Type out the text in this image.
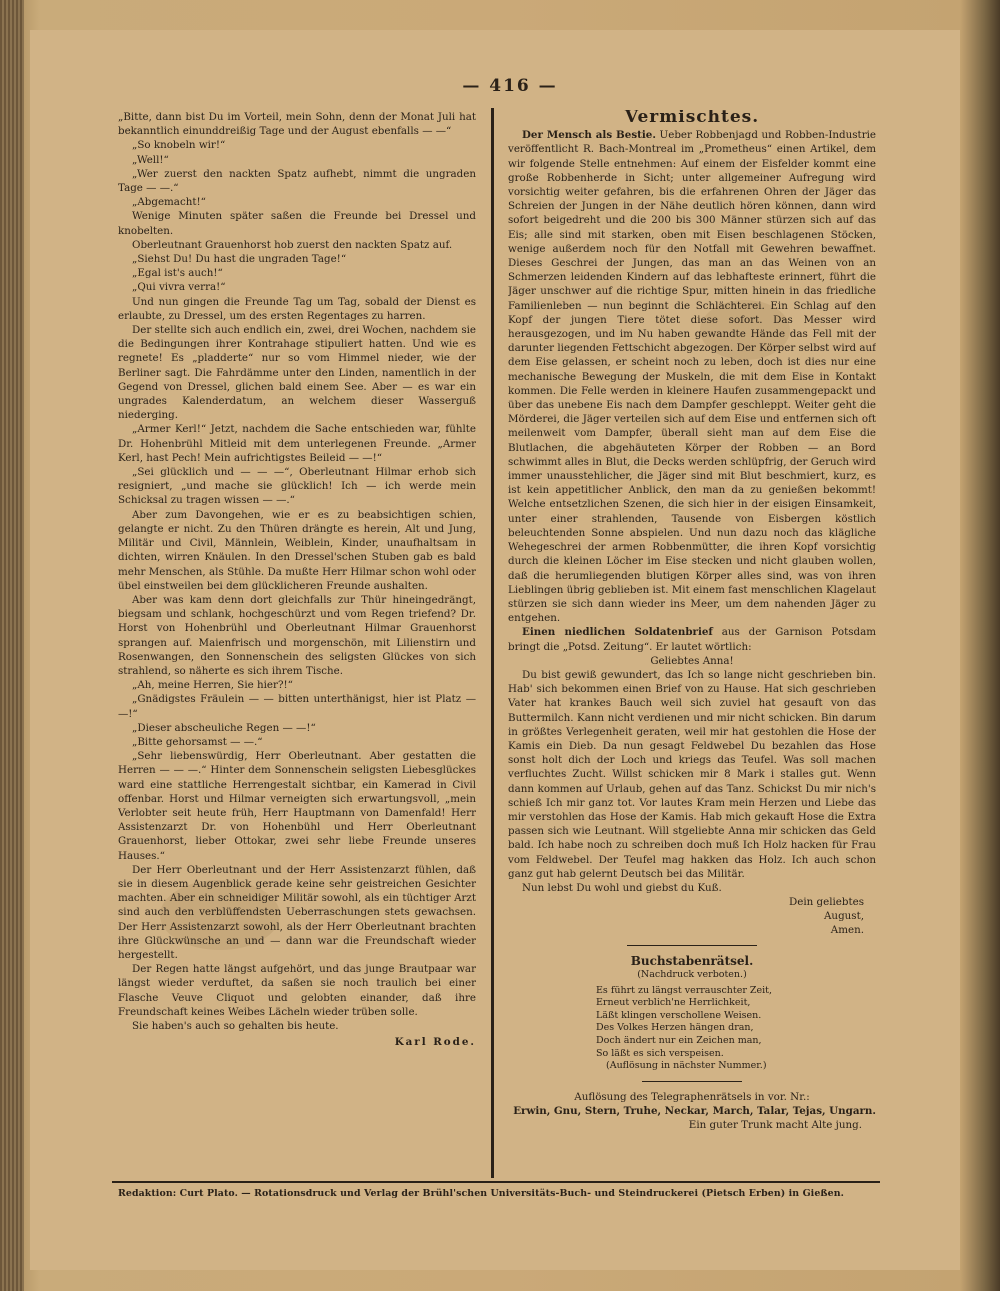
— 416 —

„Bitte, dann bist Du im Vorteil, mein Sohn, denn der Monat Juli hat bekanntlich einunddreißig Tage und der August ebenfalls — —“

„So knobeln wir!“

„Well!“

„Wer zuerst den nackten Spatz aufhebt, nimmt die ungraden Tage — —.“

„Abgemacht!“

Wenige Minuten später saßen die Freunde bei Dressel und knobelten.

Oberleutnant Grauenhorst hob zuerst den nackten Spatz auf.

„Siehst Du! Du hast die ungraden Tage!“

„Egal ist's auch!“

„Qui vivra verra!“

Und nun gingen die Freunde Tag um Tag, sobald der Dienst es erlaubte, zu Dressel, um des ersten Regentages zu harren.

Der stellte sich auch endlich ein, zwei, drei Wochen, nachdem sie die Bedingungen ihrer Kontrahage stipuliert hatten. Und wie es regnete! Es „pladderte“ nur so vom Himmel nieder, wie der Berliner sagt. Die Fahrdämme unter den Linden, namentlich in der Gegend von Dressel, glichen bald einem See. Aber — es war ein ungrades Kalenderdatum, an welchem dieser Wasserguß niederging.

„Armer Kerl!“ Jetzt, nachdem die Sache entschieden war, fühlte Dr. Hohenbrühl Mitleid mit dem unterlegenen Freunde. „Armer Kerl, hast Pech! Mein aufrichtigstes Beileid — —!“

„Sei glücklich und — — —“, Oberleutnant Hilmar erhob sich resigniert, „und mache sie glücklich! Ich — ich werde mein Schicksal zu tragen wissen — —.“

Aber zum Davongehen, wie er es zu beabsichtigen schien, gelangte er nicht. Zu den Thüren drängte es herein, Alt und Jung, Militär und Civil, Männlein, Weiblein, Kinder, unaufhaltsam in dichten, wirren Knäulen. In den Dressel'schen Stuben gab es bald mehr Menschen, als Stühle. Da mußte Herr Hilmar schon wohl oder übel einstweilen bei dem glücklicheren Freunde aushalten.

Aber was kam denn dort gleichfalls zur Thür hineingedrängt, biegsam und schlank, hochgeschürzt und vom Regen triefend? Dr. Horst von Hohenbrühl und Oberleutnant Hilmar Grauenhorst sprangen auf. Maienfrisch und morgenschön, mit Lilienstirn und Rosenwangen, den Sonnenschein des seligsten Glückes von sich strahlend, so näherte es sich ihrem Tische.

„Ah, meine Herren, Sie hier?!“

„Gnädigstes Fräulein — — bitten unterthänigst, hier ist Platz — —!“

„Dieser abscheuliche Regen — —!“

„Bitte gehorsamst — —.“

„Sehr liebenswürdig, Herr Oberleutnant. Aber gestatten die Herren — — —.“ Hinter dem Sonnenschein seligsten Liebesglückes ward eine stattliche Herrengestalt sichtbar, ein Kamerad in Civil offenbar. Horst und Hilmar verneigten sich erwartungsvoll, „mein Verlobter seit heute früh, Herr Hauptmann von Damenfald! Herr Assistenzarzt Dr. von Hohenbühl und Herr Oberleutnant Grauenhorst, lieber Ottokar, zwei sehr liebe Freunde unseres Hauses.“

Der Herr Oberleutnant und der Herr Assistenzarzt fühlen, daß sie in diesem Augenblick gerade keine sehr geistreichen Gesichter machten. Aber ein schneidiger Militär sowohl, als ein tüchtiger Arzt sind auch den verblüffendsten Ueberraschungen stets gewachsen. Der Herr Assistenzarzt sowohl, als der Herr Oberleutnant brachten ihre Glückwünsche an und — dann war die Freundschaft wieder hergestellt.

Der Regen hatte längst aufgehört, und das junge Brautpaar war längst wieder verduftet, da saßen sie noch traulich bei einer Flasche Veuve Cliquot und gelobten einander, daß ihre Freundschaft keines Weibes Lächeln wieder trüben solle.

Sie haben's auch so gehalten bis heute.

Karl Rode.
Vermischtes.

Der Mensch als Bestie. Ueber Robbenjagd und Robben-Industrie veröffentlicht R. Bach-Montreal im „Prometheus“ einen Artikel, dem wir folgende Stelle entnehmen: Auf einem der Eisfelder kommt eine große Robbenherde in Sicht; unter allgemeiner Aufregung wird vorsichtig weiter gefahren, bis die erfahrenen Ohren der Jäger das Schreien der Jungen in der Nähe deutlich hören können, dann wird sofort beigedreht und die 200 bis 300 Männer stürzen sich auf das Eis; alle sind mit starken, oben mit Eisen beschlagenen Stöcken, wenige außerdem noch für den Notfall mit Gewehren bewaffnet. Dieses Geschrei der Jungen, das man an das Weinen von an Schmerzen leidenden Kindern auf das lebhafteste erinnert, führt die Jäger unschwer auf die richtige Spur, mitten hinein in das friedliche Familienleben — nun beginnt die Schlächterei. Ein Schlag auf den Kopf der jungen Tiere tötet diese sofort. Das Messer wird herausgezogen, und im Nu haben gewandte Hände das Fell mit der darunter liegenden Fettschicht abgezogen. Der Körper selbst wird auf dem Eise gelassen, er scheint noch zu leben, doch ist dies nur eine mechanische Bewegung der Muskeln, die mit dem Eise in Kontakt kommen. Die Felle werden in kleinere Haufen zusammengepackt und über das unebene Eis nach dem Dampfer geschleppt. Weiter geht die Mörderei, die Jäger verteilen sich auf dem Eise und entfernen sich oft meilenweit vom Dampfer, überall sieht man auf dem Eise die Blutlachen, die abgehäuteten Körper der Robben — an Bord schwimmt alles in Blut, die Decks werden schlüpfrig, der Geruch wird immer unausstehlicher, die Jäger sind mit Blut beschmiert, kurz, es ist kein appetitlicher Anblick, den man da zu genießen bekommt! Welche entsetzlichen Szenen, die sich hier in der eisigen Einsamkeit, unter einer strahlenden, Tausende von Eisbergen köstlich beleuchtenden Sonne abspielen. Und nun dazu noch das klägliche Wehegeschrei der armen Robbenmütter, die ihren Kopf vorsichtig durch die kleinen Löcher im Eise stecken und nicht glauben wollen, daß die herumliegenden blutigen Körper alles sind, was von ihren Lieblingen übrig geblieben ist. Mit einem fast menschlichen Klagelaut stürzen sie sich dann wieder ins Meer, um dem nahenden Jäger zu entgehen.

Einen niedlichen Soldatenbrief aus der Garnison Potsdam bringt die „Potsd. Zeitung“. Er lautet wörtlich:

Geliebtes Anna!

Du bist gewiß gewundert, das Ich so lange nicht geschrieben bin. Hab' sich bekommen einen Brief von zu Hause. Hat sich geschrieben Vater hat krankes Bauch weil sich zuviel hat gesauft von das Buttermilch. Kann nicht verdienen und mir nicht schicken. Bin darum in größtes Verlegenheit geraten, weil mir hat gestohlen die Hose der Kamis ein Dieb. Da nun gesagt Feldwebel Du bezahlen das Hose sonst holt dich der Loch und kriegs das Teufel. Was soll machen verfluchtes Zucht. Willst schicken mir 8 Mark i stalles gut. Wenn dann kommen auf Urlaub, gehen auf das Tanz. Schickst Du mir nich's schieß Ich mir ganz tot. Vor lautes Kram mein Herzen und Liebe das mir verstohlen das Hose der Kamis. Hab mich gekauft Hose die Extra passen sich wie Leutnant. Will stgeliebte Anna mir schicken das Geld bald. Ich habe noch zu schreiben doch muß Ich Holz hacken für Frau vom Feldwebel. Der Teufel mag hakken das Holz. Ich auch schon ganz gut hab gelernt Deutsch bei das Militär.

Nun lebst Du wohl und giebst du Kuß.

Dein geliebtes
August,
Amen.
Buchstabenrätsel.
(Nachdruck verboten.)
Es führt zu längst verrauschter Zeit,
Erneut verblich'ne Herrlichkeit,
Läßt klingen verschollene Weisen.
Des Volkes Herzen hängen dran,
Doch ändert nur ein Zeichen man,
So läßt es sich verspeisen.
(Auflösung in nächster Nummer.)
Auflösung des Telegraphenrätsels in vor. Nr.:
Erwin, Gnu, Stern, Truhe, Neckar, March, Talar, Tejas, Ungarn.
Ein guter Trunk macht Alte jung.
Redaktion: Curt Plato. — Rotationsdruck und Verlag der Brühl'schen Universitäts-Buch- und Steindruckerei (Pietsch Erben) in Gießen.
